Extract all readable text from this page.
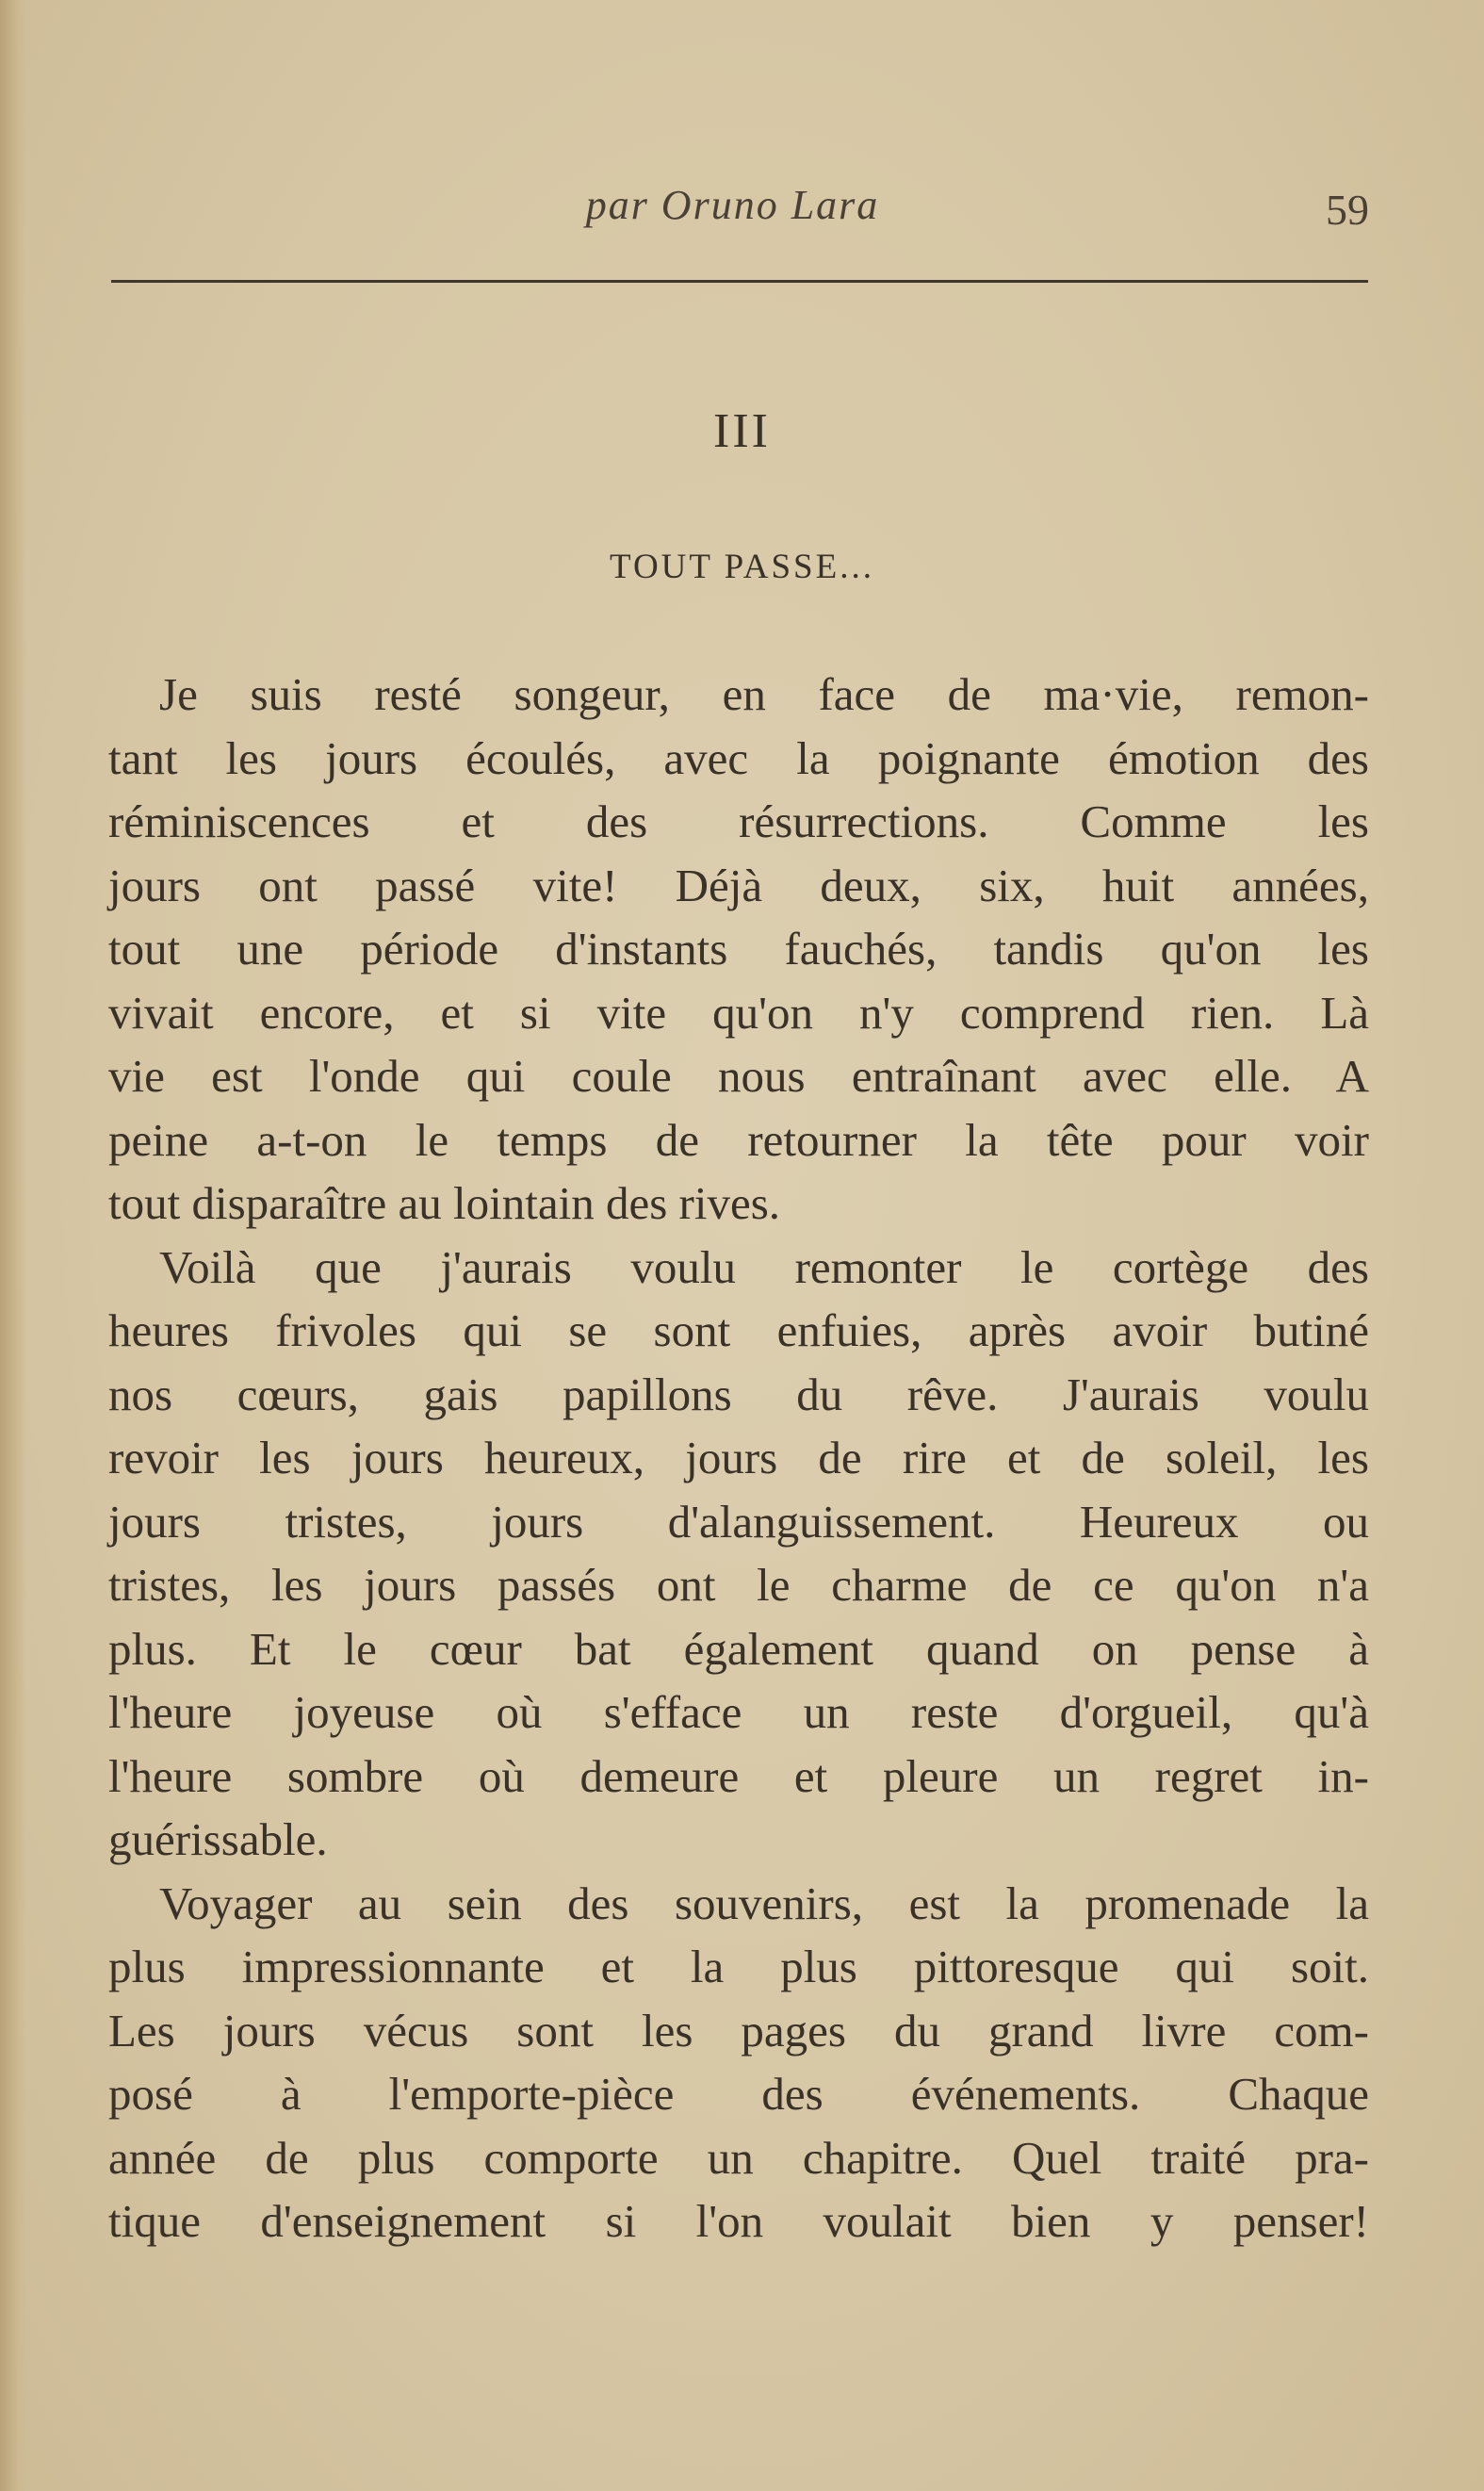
par Oruno Lara	59
III
TOUT PASSE...
Je suis resté songeur, en face de ma·vie, remon-
tant les jours écoulés, avec la poignante émotion des
réminiscences et des résurrections. Comme les
jours ont passé vite! Déjà deux, six, huit années,
tout une période d'instants fauchés, tandis qu'on les
vivait encore, et si vite qu'on n'y comprend rien. Là
vie est l'onde qui coule nous entraînant avec elle. A
peine a-t-on le temps de retourner la tête pour voir
tout disparaître au lointain des rives.
Voilà que j'aurais voulu remonter le cortège des
heures frivoles qui se sont enfuies, après avoir butiné
nos cœurs, gais papillons du rêve. J'aurais voulu
revoir les jours heureux, jours de rire et de soleil, les
jours tristes, jours d'alanguissement. Heureux ou
tristes, les jours passés ont le charme de ce qu'on n'a
plus. Et le cœur bat également quand on pense à
l'heure joyeuse où s'efface un reste d'orgueil, qu'à
l'heure sombre où demeure et pleure un regret in-
guérissable.
Voyager au sein des souvenirs, est la promenade la
plus impressionnante et la plus pittoresque qui soit.
Les jours vécus sont les pages du grand livre com-
posé à l'emporte-pièce des événements. Chaque
année de plus comporte un chapitre. Quel traité pra-
tique d'enseignement si l'on voulait bien y penser!
